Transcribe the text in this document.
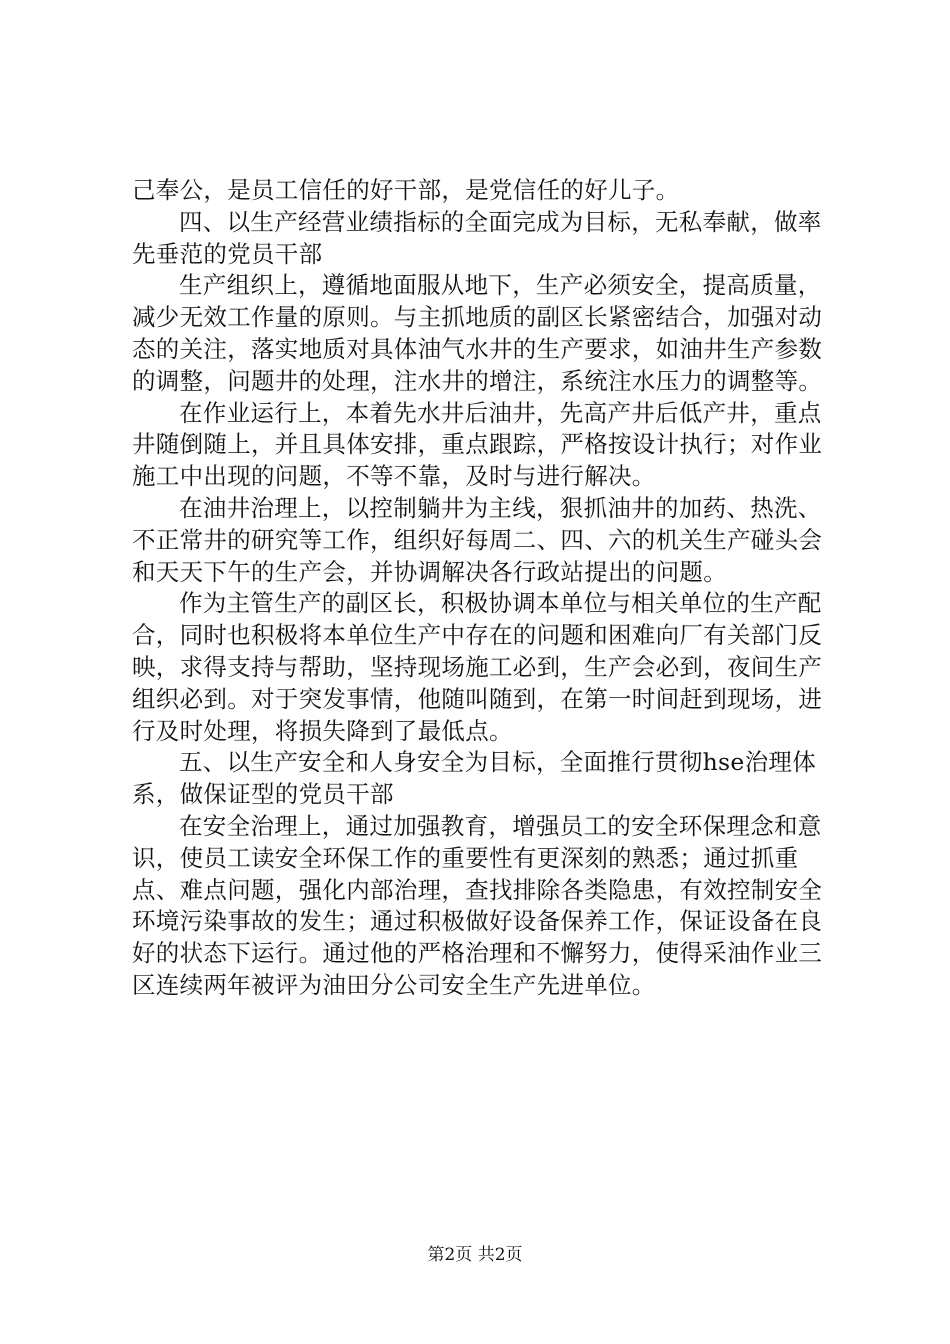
己奉公，是员工信任的好干部，是党信任的好儿子。

四、以生产经营业绩指标的全面完成为目标，无私奉献，做率先垂范的党员干部

生产组织上，遵循地面服从地下，生产必须安全，提高质量，减少无效工作量的原则。与主抓地质的副区长紧密结合，加强对动态的关注，落实地质对具体油气水井的生产要求，如油井生产参数的调整，问题井的处理，注水井的增注，系统注水压力的调整等。

在作业运行上，本着先水井后油井，先高产井后低产井，重点井随倒随上，并且具体安排，重点跟踪，严格按设计执行；对作业施工中出现的问题，不等不靠，及时与进行解决。

在油井治理上，以控制躺井为主线，狠抓油井的加药、热洗、不正常井的研究等工作，组织好每周二、四、六的机关生产碰头会和天天下午的生产会，并协调解决各行政站提出的问题。

作为主管生产的副区长，积极协调本单位与相关单位的生产配合，同时也积极将本单位生产中存在的问题和困难向厂有关部门反映，求得支持与帮助，坚持现场施工必到，生产会必到，夜间生产组织必到。对于突发事情，他随叫随到，在第一时间赶到现场，进行及时处理，将损失降到了最低点。

五、以生产安全和人身安全为目标，全面推行贯彻hse治理体系，做保证型的党员干部

在安全治理上，通过加强教育，增强员工的安全环保理念和意识，使员工读安全环保工作的重要性有更深刻的熟悉；通过抓重点、难点问题，强化内部治理，查找排除各类隐患，有效控制安全环境污染事故的发生；通过积极做好设备保养工作，保证设备在良好的状态下运行。通过他的严格治理和不懈努力，使得采油作业三区连续两年被评为油田分公司安全生产先进单位。

第2页 共2页
